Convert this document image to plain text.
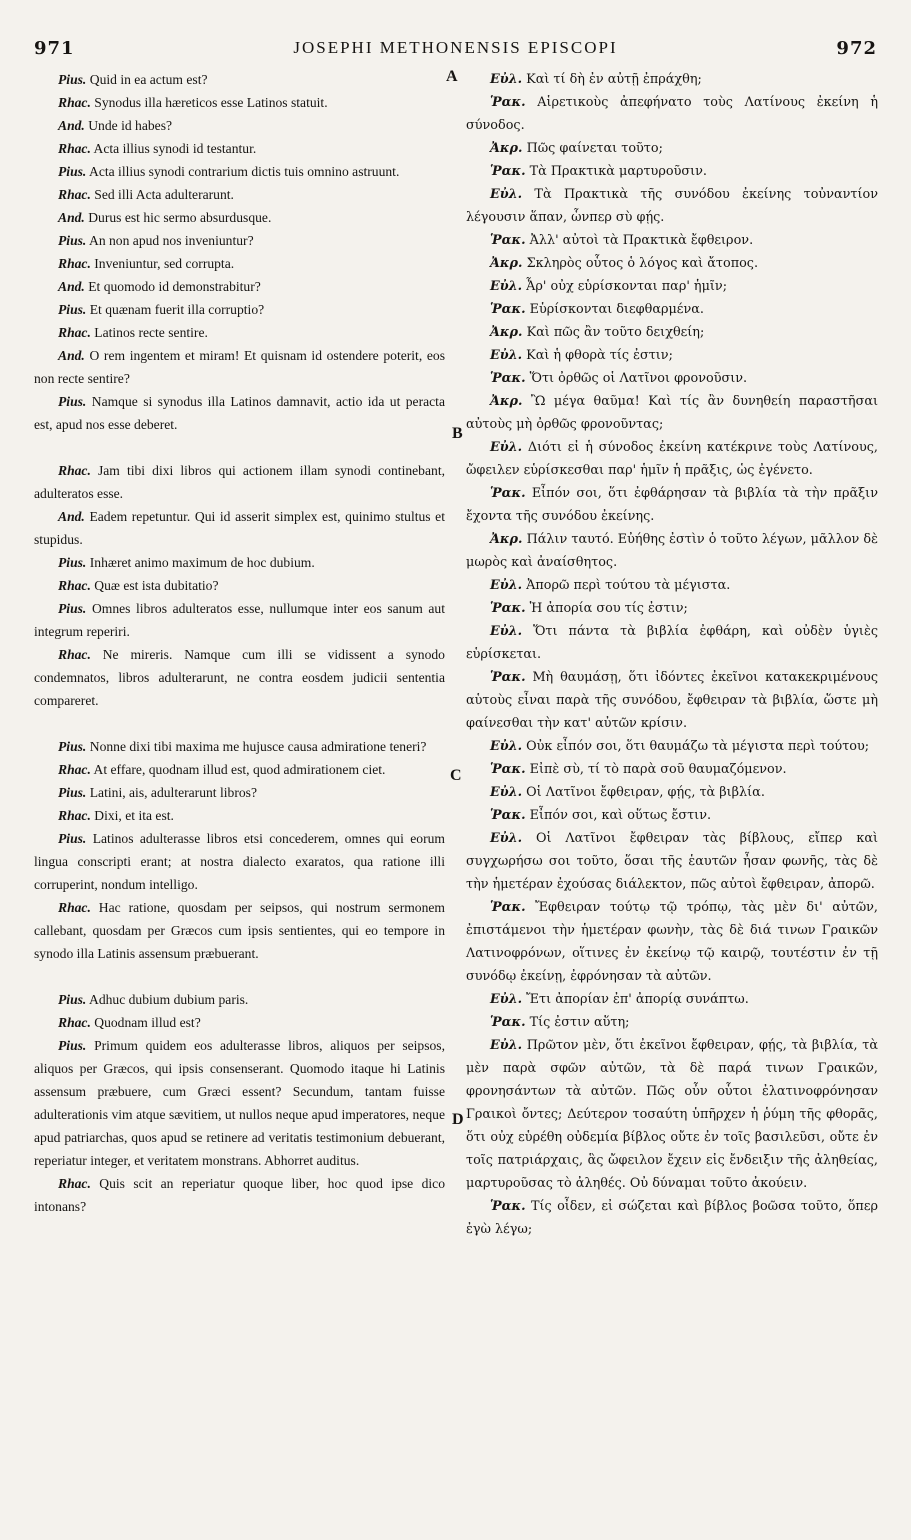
971	JOSEPHI METHONENSIS EPISCOPI	972

Pius. Quid in ea actum est?

Rhac. Synodus illa hæreticos esse Latinos statuit.

And. Unde id habes?

Rhac. Acta illius synodi id testantur.

Pius. Acta illius synodi contrarium dictis tuis omnino astruunt.

Rhac. Sed illi Acta adulterarunt.

And. Durus est hic sermo absurdusque.

Pius. An non apud nos inveniuntur?

Rhac. Inveniuntur, sed corrupta.

And. Et quomodo id demonstrabitur?

Pius. Et quænam fuerit illa corruptio?

Rhac. Latinos recte sentire.

And. O rem ingentem et miram! Et quisnam id ostendere poterit, eos non recte sentire?

Pius. Namque si synodus illa Latinos damnavit, actio ida ut peracta est, apud nos esse deberet.

Rhac. Jam tibi dixi libros qui actionem illam synodi continebant, adulteratos esse.

And. Eadem repetuntur. Qui id asserit simplex est, quinimo stultus et stupidus.

Pius. Inhæret animo maximum de hoc dubium.

Rhac. Quæ est ista dubitatio?

Pius. Omnes libros adulteratos esse, nullumque inter eos sanum aut integrum reperiri.

Rhac. Ne mireris. Namque cum illi se vidissent a synodo condemnatos, libros adulterarunt, ne contra eosdem judicii sententia compareret.

Pius. Nonne dixi tibi maxima me hujusce causa admiratione teneri?

Rhac. At effare, quodnam illud est, quod admirationem ciet.

Pius. Latini, ais, adulterarunt libros?

Rhac. Dixi, et ita est.

Pius. Latinos adulterasse libros etsi concederem, omnes qui eorum lingua conscripti erant; at nostra dialecto exaratos, qua ratione illi corruperint, nondum intelligo.

Rhac. Hac ratione, quosdam per seipsos, qui nostrum sermonem callebant, quosdam per Græcos cum ipsis sentientes, qui eo tempore in synodo illa Latinis assensum præbuerant.

Pius. Adhuc dubium dubium paris.

Rhac. Quodnam illud est?

Pius. Primum quidem eos adulterasse libros, aliquos per seipsos, aliquos per Græcos, qui ipsis consenserant. Quomodo itaque hi Latinis assensum præbuere, cum Græci essent? Secundum, tantam fuisse adulterationis vim atque sævitiem, ut nullos neque apud imperatores, neque apud patriarchas, quos apud se retinere ad veritatis testimonium debuerant, reperiatur integer, et veritatem monstrans. Abhorret auditus.

Rhac. Quis scit an reperiatur quoque liber, hoc quod ipse dico intonans?

Εὐλ. Καὶ τί δὴ ἐν αὐτῇ ἐπράχθη;

Ῥακ. Αἱρετικοὺς ἀπεφήνατο τοὺς Λατίνους ἐκείνη ἡ σύνοδος.

Ἀκρ. Πῶς φαίνεται τοῦτο;

Ῥακ. Τὰ Πρακτικὰ μαρτυροῦσιν.

Εὐλ. Τὰ Πρακτικὰ τῆς συνόδου ἐκείνης τοὐναντίον λέγουσιν ἅπαν, ὧνπερ σὺ φῄς.

Ῥακ. Ἀλλ' αὐτοὶ τὰ Πρακτικὰ ἔφθειρον.

Ἀκρ. Σκληρὸς οὗτος ὁ λόγος καὶ ἄτοπος.

Εὐλ. Ἆρ' οὐχ εὑρίσκονται παρ' ἡμῖν;

Ῥακ. Εὑρίσκονται διεφθαρμένα.

Ἀκρ. Καὶ πῶς ἂν τοῦτο δειχθείη;

Εὐλ. Καὶ ἡ φθορὰ τίς ἐστιν;

Ῥακ. Ὅτι ὀρθῶς οἱ Λατῖνοι φρονοῦσιν.

Ἀκρ. Ὢ μέγα θαῦμα! Καὶ τίς ἂν δυνηθείη παραστῆσαι αὐτοὺς μὴ ὀρθῶς φρονοῦντας;

Εὐλ. Διότι εἰ ἡ σύνοδος ἐκείνη κατέκρινε τοὺς Λατίνους, ὤφειλεν εὑρίσκεσθαι παρ' ἡμῖν ἡ πρᾶξις, ὡς ἐγένετο.

Ῥακ. Εἶπόν σοι, ὅτι ἐφθάρησαν τὰ βιβλία τὰ τὴν πρᾶξιν ἔχοντα τῆς συνόδου ἐκείνης.

Ἀκρ. Πάλιν ταυτό. Εὐήθης ἐστὶν ὁ τοῦτο λέγων, μᾶλλον δὲ μωρὸς καὶ ἀναίσθητος.

Εὐλ. Ἀπορῶ περὶ τούτου τὰ μέγιστα.

Ῥακ. Ἡ ἀπορία σου τίς ἐστιν;

Εὐλ. Ὅτι πάντα τὰ βιβλία ἐφθάρη, καὶ οὐδὲν ὑγιὲς εὑρίσκεται.

Ῥακ. Μὴ θαυμάσῃ, ὅτι ἰδόντες ἐκεῖνοι κατακεκριμένους αὑτοὺς εἶναι παρὰ τῆς συνόδου, ἔφθειραν τὰ βιβλία, ὥστε μὴ φαίνεσθαι τὴν κατ' αὐτῶν κρίσιν.

Εὐλ. Οὐκ εἶπόν σοι, ὅτι θαυμάζω τὰ μέγιστα περὶ τούτου;

Ῥακ. Εἰπὲ σὺ, τί τὸ παρὰ σοῦ θαυμαζόμενον.

Εὐλ. Οἱ Λατῖνοι ἔφθειραν, φῄς, τὰ βιβλία.

Ῥακ. Εἶπόν σοι, καὶ οὕτως ἔστιν.

Εὐλ. Οἱ Λατῖνοι ἔφθειραν τὰς βίβλους, εἴπερ καὶ συγχωρήσω σοι τοῦτο, ὅσαι τῆς ἑαυτῶν ἦσαν φωνῆς, τὰς δὲ τὴν ἡμετέραν ἐχούσας διάλεκτον, πῶς αὐτοὶ ἔφθειραν, ἀπορῶ.

Ῥακ. Ἔφθειραν τούτῳ τῷ τρόπῳ, τὰς μὲν δι' αὐτῶν, ἐπιστάμενοι τὴν ἡμετέραν φωνὴν, τὰς δὲ διά τινων Γραικῶν Λατινοφρόνων, οἵτινες ἐν ἐκείνῳ τῷ καιρῷ, τουτέστιν ἐν τῇ συνόδῳ ἐκείνῃ, ἐφρόνησαν τὰ αὐτῶν.

Εὐλ. Ἔτι ἀπορίαν ἐπ' ἀπορίᾳ συνάπτω.

Ῥακ. Τίς ἐστιν αὕτη;

Εὐλ. Πρῶτον μὲν, ὅτι ἐκεῖνοι ἔφθειραν, φῄς, τὰ βιβλία, τὰ μὲν παρὰ σφῶν αὐτῶν, τὰ δὲ παρά τινων Γραικῶν, φρονησάντων τὰ αὐτῶν. Πῶς οὖν οὗτοι ἐλατινοφρόνησαν Γραικοὶ ὄντες; Δεύτερον τοσαύτη ὑπῆρχεν ἡ ῥύμη τῆς φθορᾶς, ὅτι οὐχ εὑρέθη οὐδεμία βίβλος οὔτε ἐν τοῖς βασιλεῦσι, οὔτε ἐν τοῖς πατριάρχαις, ἃς ὤφειλον ἔχειν εἰς ἔνδειξιν τῆς ἀληθείας, μαρτυροῦσας τὸ ἀληθές. Οὐ δύναμαι τοῦτο ἀκούειν.

Ῥακ. Τίς οἶδεν, εἰ σώζεται καὶ βίβλος βοῶσα τοῦτο, ὅπερ ἐγὼ λέγω;

A
B
C
D
